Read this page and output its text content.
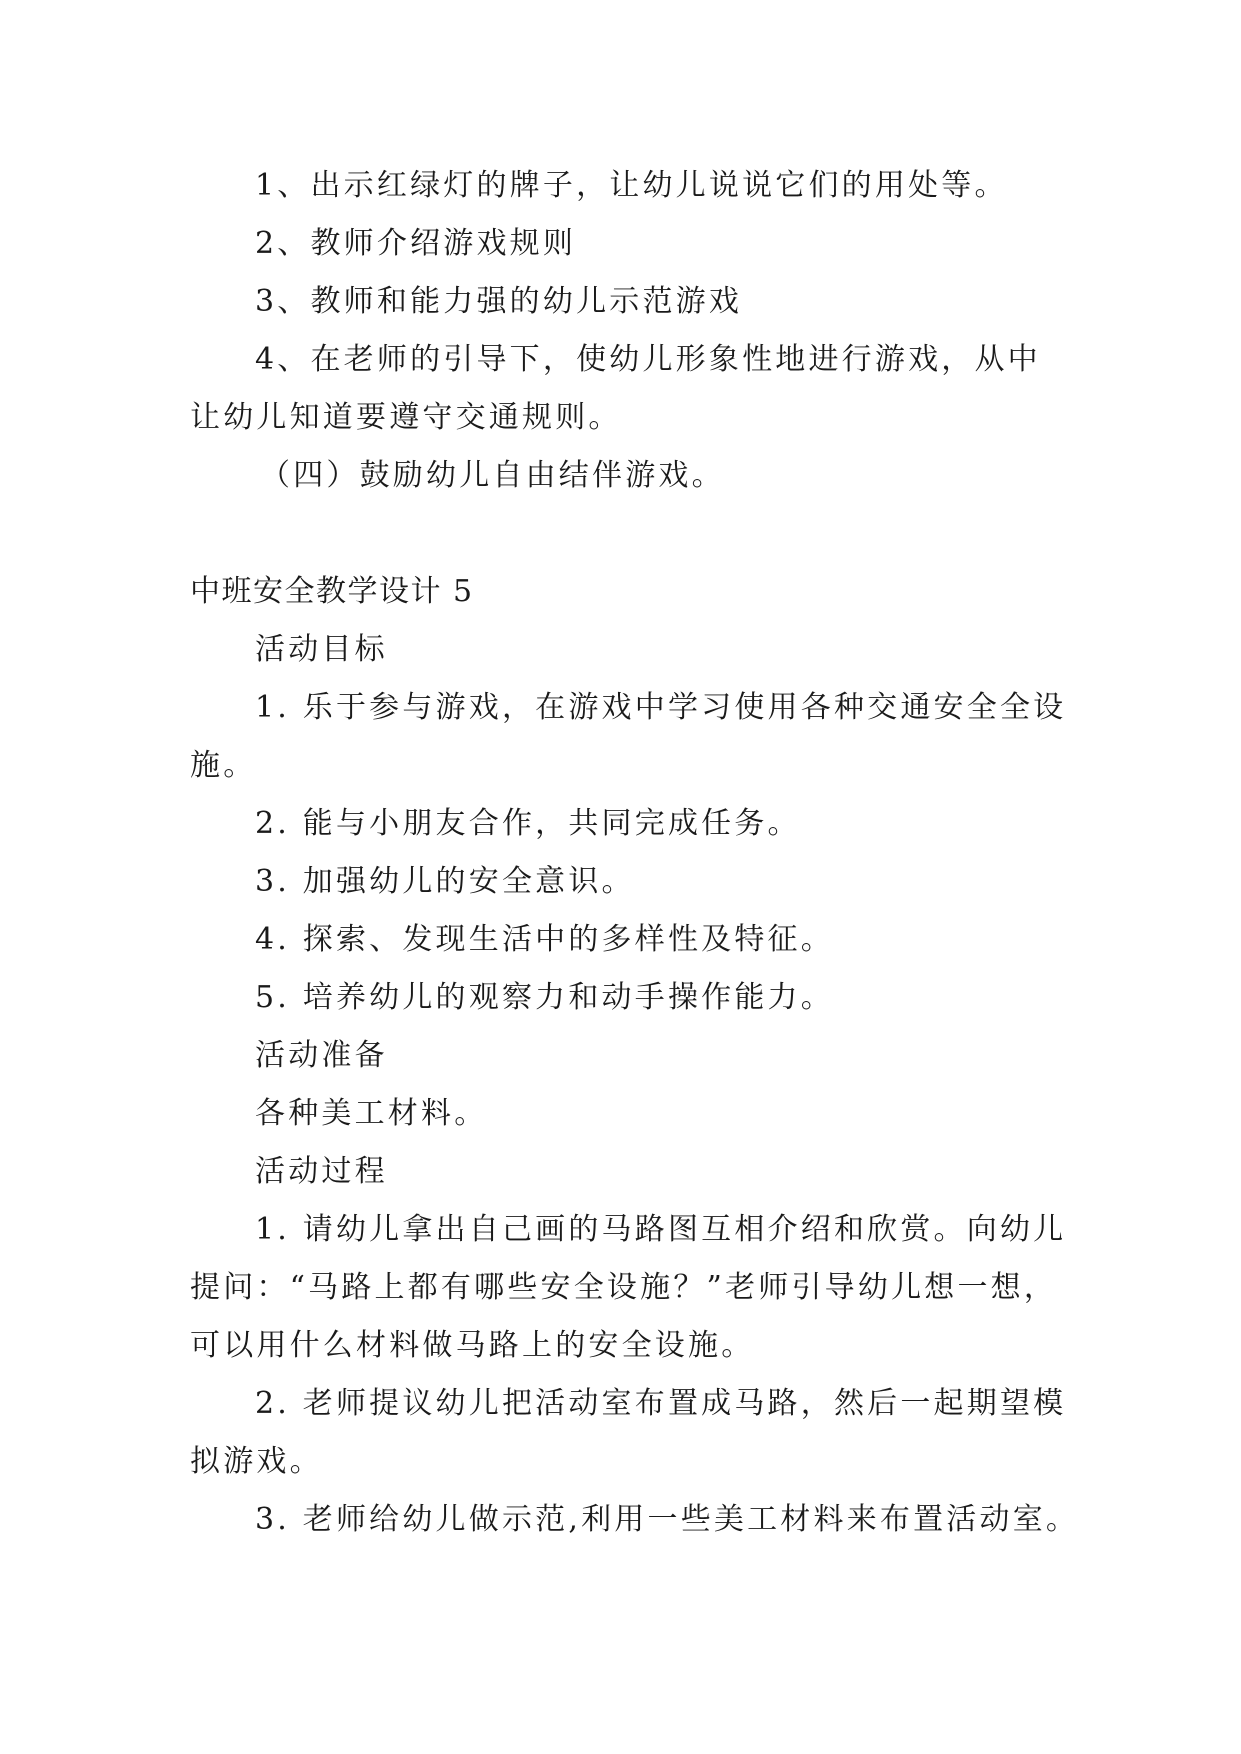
1、出示红绿灯的牌子，让幼儿说说它们的用处等。
2、教师介绍游戏规则
3、教师和能力强的幼儿示范游戏
4、在老师的引导下，使幼儿形象性地进行游戏，从中
让幼儿知道要遵守交通规则。
（四）鼓励幼儿自由结伴游戏。
中班安全教学设计 5
活动目标
1. 乐于参与游戏，在游戏中学习使用各种交通安全全设
施。
2. 能与小朋友合作，共同完成任务。
3. 加强幼儿的安全意识。
4. 探索、发现生活中的多样性及特征。
5. 培养幼儿的观察力和动手操作能力。
活动准备
各种美工材料。
活动过程
1. 请幼儿拿出自己画的马路图互相介绍和欣赏。向幼儿
提问：“马路上都有哪些安全设施？”老师引导幼儿想一想，
可以用什么材料做马路上的安全设施。
2. 老师提议幼儿把活动室布置成马路，然后一起期望模
拟游戏。
3. 老师给幼儿做示范,利用一些美工材料来布置活动室。
